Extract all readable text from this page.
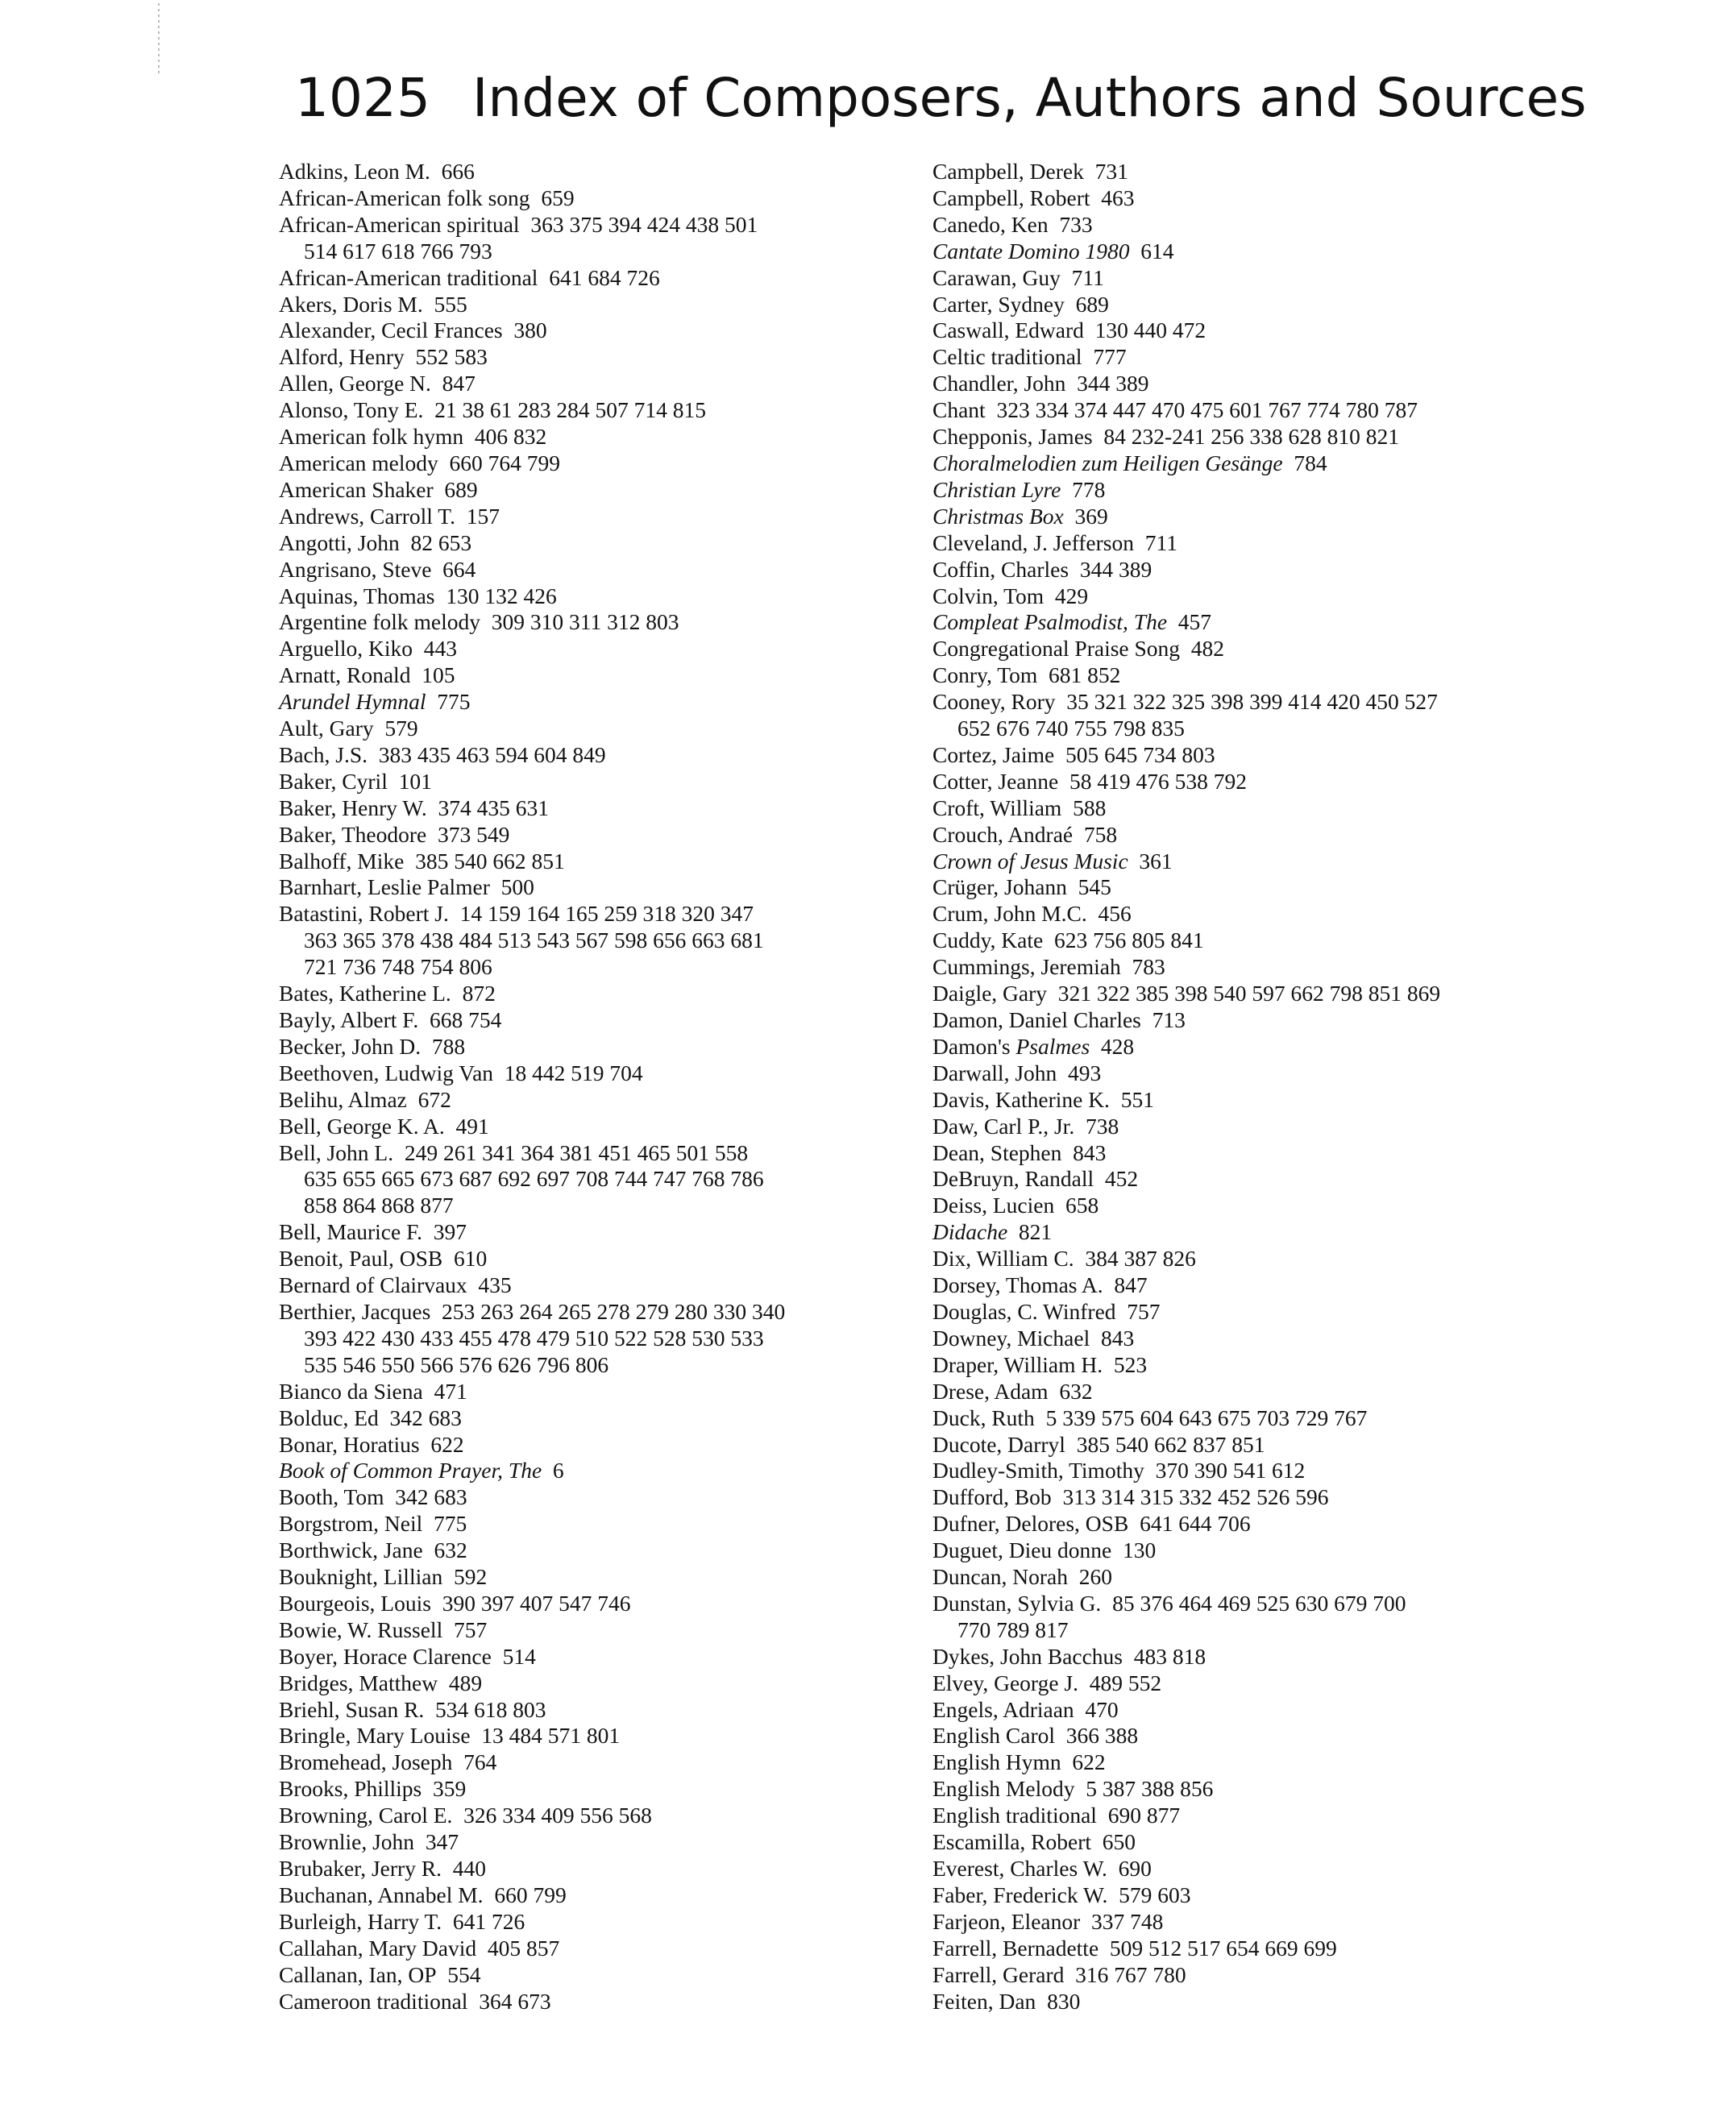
1025 Index of Composers, Authors and Sources
Adkins, Leon M. 666
African-American folk song 659
African-American spiritual 363 375 394 424 438 501
514 617 618 766 793
African-American traditional 641 684 726
Akers, Doris M. 555
Alexander, Cecil Frances 380
Alford, Henry 552 583
Allen, George N. 847
Alonso, Tony E. 21 38 61 283 284 507 714 815
American folk hymn 406 832
American melody 660 764 799
American Shaker 689
Andrews, Carroll T. 157
Angotti, John 82 653
Angrisano, Steve 664
Aquinas, Thomas 130 132 426
Argentine folk melody 309 310 311 312 803
Arguello, Kiko 443
Arnatt, Ronald 105
Arundel Hymnal 775
Ault, Gary 579
Bach, J.S. 383 435 463 594 604 849
Baker, Cyril 101
Baker, Henry W. 374 435 631
Baker, Theodore 373 549
Balhoff, Mike 385 540 662 851
Barnhart, Leslie Palmer 500
Batastini, Robert J. 14 159 164 165 259 318 320 347
363 365 378 438 484 513 543 567 598 656 663 681
721 736 748 754 806
Bates, Katherine L. 872
Bayly, Albert F. 668 754
Becker, John D. 788
Beethoven, Ludwig Van 18 442 519 704
Belihu, Almaz 672
Bell, George K. A. 491
Bell, John L. 249 261 341 364 381 451 465 501 558
635 655 665 673 687 692 697 708 744 747 768 786
858 864 868 877
Bell, Maurice F. 397
Benoit, Paul, OSB 610
Bernard of Clairvaux 435
Berthier, Jacques 253 263 264 265 278 279 280 330 340
393 422 430 433 455 478 479 510 522 528 530 533
535 546 550 566 576 626 796 806
Bianco da Siena 471
Bolduc, Ed 342 683
Bonar, Horatius 622
Book of Common Prayer, The 6
Booth, Tom 342 683
Borgstrom, Neil 775
Borthwick, Jane 632
Bouknight, Lillian 592
Bourgeois, Louis 390 397 407 547 746
Bowie, W. Russell 757
Boyer, Horace Clarence 514
Bridges, Matthew 489
Briehl, Susan R. 534 618 803
Bringle, Mary Louise 13 484 571 801
Bromehead, Joseph 764
Brooks, Phillips 359
Browning, Carol E. 326 334 409 556 568
Brownlie, John 347
Brubaker, Jerry R. 440
Buchanan, Annabel M. 660 799
Burleigh, Harry T. 641 726
Callahan, Mary David 405 857
Callanan, Ian, OP 554
Cameroon traditional 364 673
Campbell, Derek 731
Campbell, Robert 463
Canedo, Ken 733
Cantate Domino 1980 614
Carawan, Guy 711
Carter, Sydney 689
Caswall, Edward 130 440 472
Celtic traditional 777
Chandler, John 344 389
Chant 323 334 374 447 470 475 601 767 774 780 787
Chepponis, James 84 232-241 256 338 628 810 821
Choralmelodien zum Heiligen Gesänge 784
Christian Lyre 778
Christmas Box 369
Cleveland, J. Jefferson 711
Coffin, Charles 344 389
Colvin, Tom 429
Compleat Psalmodist, The 457
Congregational Praise Song 482
Conry, Tom 681 852
Cooney, Rory 35 321 322 325 398 399 414 420 450 527
652 676 740 755 798 835
Cortez, Jaime 505 645 734 803
Cotter, Jeanne 58 419 476 538 792
Croft, William 588
Crouch, Andraé 758
Crown of Jesus Music 361
Crüger, Johann 545
Crum, John M.C. 456
Cuddy, Kate 623 756 805 841
Cummings, Jeremiah 783
Daigle, Gary 321 322 385 398 540 597 662 798 851 869
Damon, Daniel Charles 713
Damon's Psalmes 428
Darwall, John 493
Davis, Katherine K. 551
Daw, Carl P., Jr. 738
Dean, Stephen 843
DeBruyn, Randall 452
Deiss, Lucien 658
Didache 821
Dix, William C. 384 387 826
Dorsey, Thomas A. 847
Douglas, C. Winfred 757
Downey, Michael 843
Draper, William H. 523
Drese, Adam 632
Duck, Ruth 5 339 575 604 643 675 703 729 767
Ducote, Darryl 385 540 662 837 851
Dudley-Smith, Timothy 370 390 541 612
Dufford, Bob 313 314 315 332 452 526 596
Dufner, Delores, OSB 641 644 706
Duguet, Dieu donne 130
Duncan, Norah 260
Dunstan, Sylvia G. 85 376 464 469 525 630 679 700
770 789 817
Dykes, John Bacchus 483 818
Elvey, George J. 489 552
Engels, Adriaan 470
English Carol 366 388
English Hymn 622
English Melody 5 387 388 856
English traditional 690 877
Escamilla, Robert 650
Everest, Charles W. 690
Faber, Frederick W. 579 603
Farjeon, Eleanor 337 748
Farrell, Bernadette 509 512 517 654 669 699
Farrell, Gerard 316 767 780
Feiten, Dan 830
